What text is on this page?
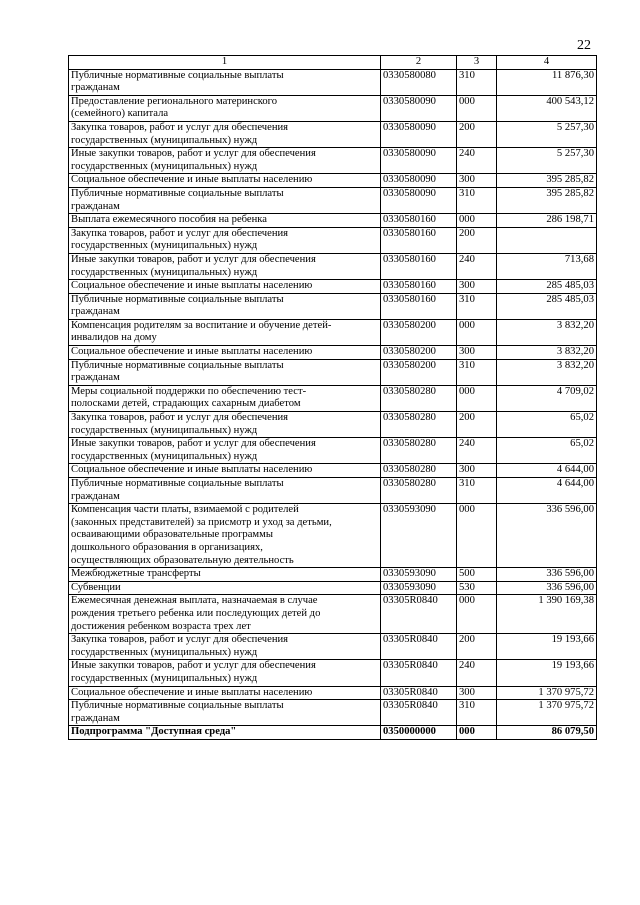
22
1	2	3	4
Публичные нормативные социальные выплаты
гражданам	0330580080	310	11 876,30
Предоставление регионального материнского
(семейного) капитала	0330580090	000	400 543,12
Закупка товаров, работ и услуг для обеспечения
государственных (муниципальных) нужд	0330580090	200	5 257,30
Иные закупки товаров, работ и услуг для обеспечения
государственных (муниципальных) нужд	0330580090	240	5 257,30
Социальное обеспечение и иные выплаты населению	0330580090	300	395 285,82
Публичные нормативные социальные выплаты
гражданам	0330580090	310	395 285,82
Выплата ежемесячного пособия на ребенка	0330580160	000	286 198,71
Закупка товаров, работ и услуг для обеспечения
государственных (муниципальных) нужд	0330580160	200	
Иные закупки товаров, работ и услуг для обеспечения
государственных (муниципальных) нужд	0330580160	240	713,68
Социальное обеспечение и иные выплаты населению	0330580160	300	285 485,03
Публичные нормативные социальные выплаты
гражданам	0330580160	310	285 485,03
Компенсация родителям за воспитание и обучение детей-
инвалидов на дому	0330580200	000	3 832,20
Социальное обеспечение и иные выплаты населению	0330580200	300	3 832,20
Публичные нормативные социальные выплаты
гражданам	0330580200	310	3 832,20
Меры социальной поддержки по обеспечению тест-
полосками детей, страдающих сахарным диабетом	0330580280	000	4 709,02
Закупка товаров, работ и услуг для обеспечения
государственных (муниципальных) нужд	0330580280	200	65,02
Иные закупки товаров, работ и услуг для обеспечения
государственных (муниципальных) нужд	0330580280	240	65,02
Социальное обеспечение и иные выплаты населению	0330580280	300	4 644,00
Публичные нормативные социальные выплаты
гражданам	0330580280	310	4 644,00
Компенсация части платы, взимаемой с родителей
(законных представителей) за присмотр и уход за детьми,
осваивающими образовательные программы
дошкольного образования в организациях,
осуществляющих образовательную деятельность	0330593090	000	336 596,00
Межбюджетные трансферты	0330593090	500	336 596,00
Субвенции	0330593090	530	336 596,00
Ежемесячная денежная выплата, назначаемая в случае
рождения третьего ребенка или последующих детей до
достижения ребенком возраста трех лет	03305R0840	000	1 390 169,38
Закупка товаров, работ и услуг для обеспечения
государственных (муниципальных) нужд	03305R0840	200	19 193,66
Иные закупки товаров, работ и услуг для обеспечения
государственных (муниципальных) нужд	03305R0840	240	19 193,66
Социальное обеспечение и иные выплаты населению	03305R0840	300	1 370 975,72
Публичные нормативные социальные выплаты
гражданам	03305R0840	310	1 370 975,72
Подпрограмма "Доступная среда"	0350000000	000	86 079,50
